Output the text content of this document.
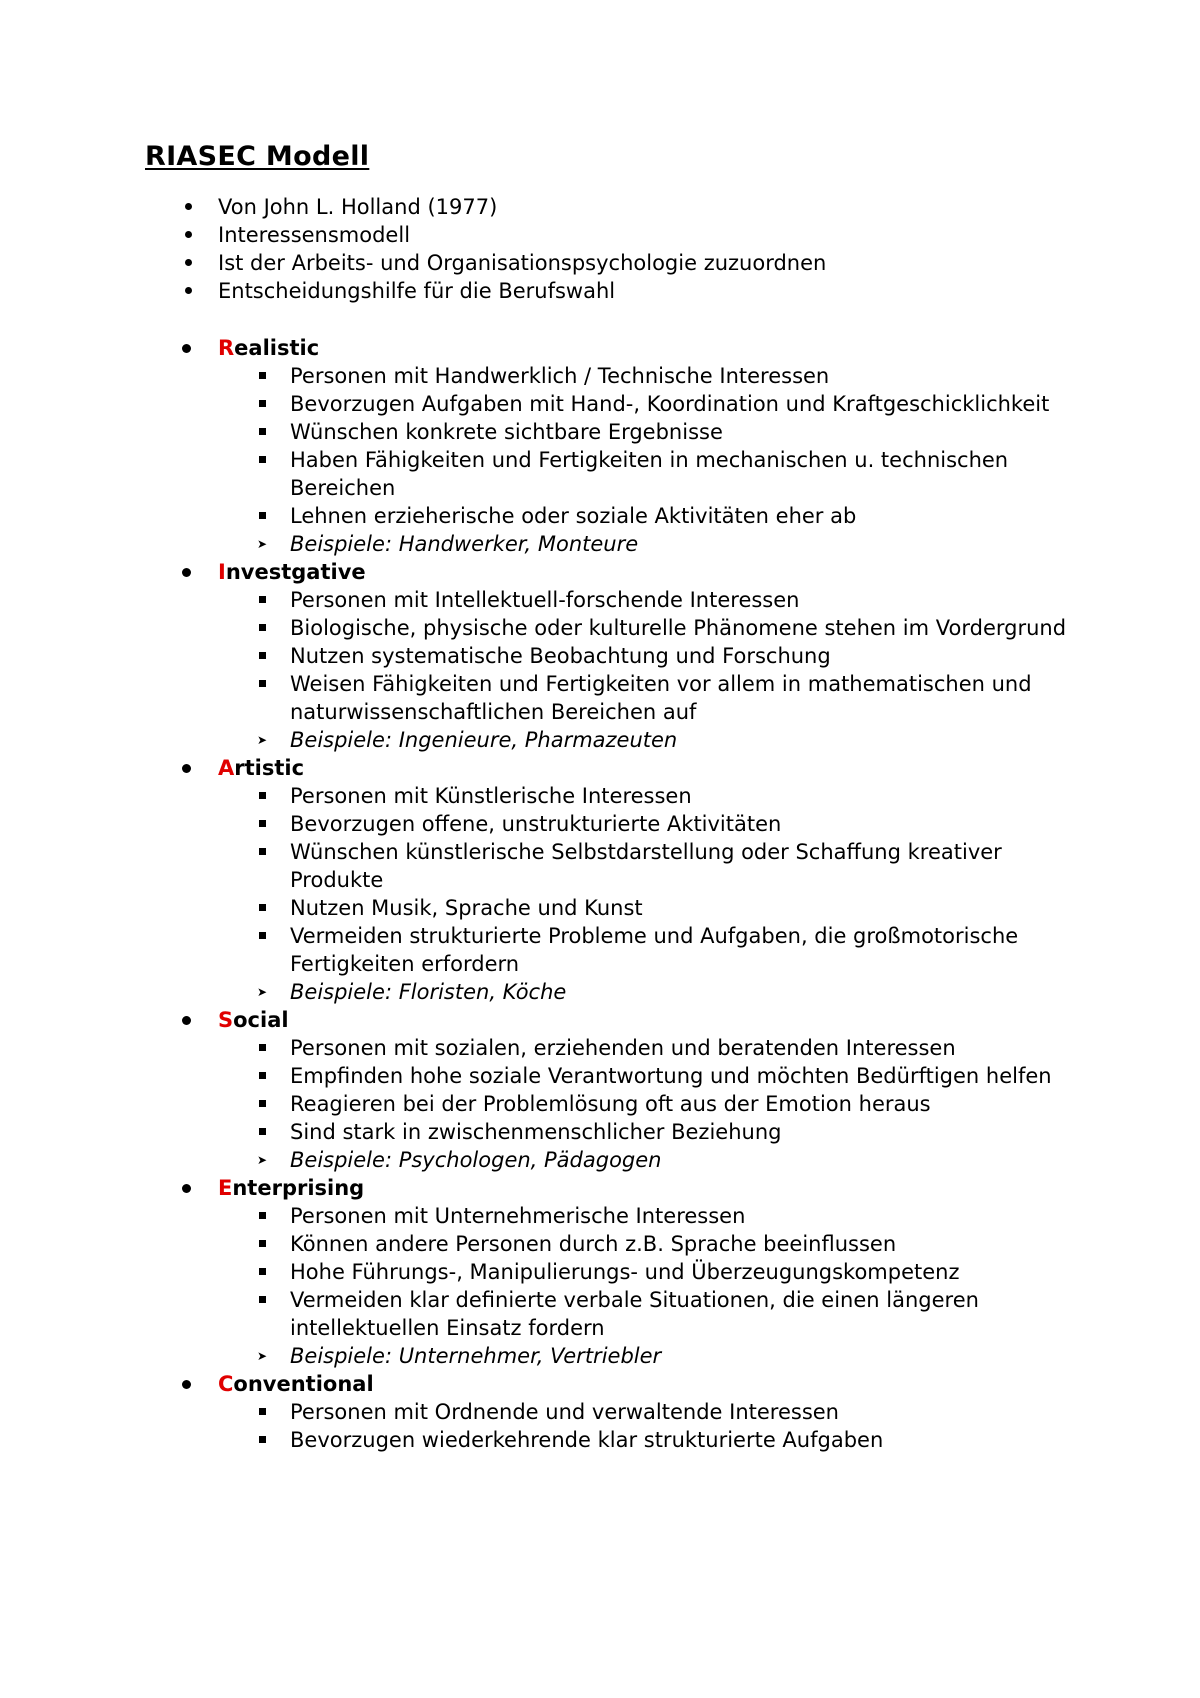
RIASEC Modell
Von John L. Holland (1977)
Interessensmodell
Ist der Arbeits- und Organisationspsychologie zuzuordnen
Entscheidungshilfe für die Berufswahl
Realistic
Personen mit Handwerklich / Technische Interessen
Bevorzugen Aufgaben mit Hand-, Koordination und Kraftgeschicklichkeit
Wünschen konkrete sichtbare Ergebnisse
Haben Fähigkeiten und Fertigkeiten in mechanischen u. technischen Bereichen
Lehnen erzieherische oder soziale Aktivitäten eher ab
➤ Beispiele: Handwerker, Monteure
Investgative
Personen mit Intellektuell-forschende Interessen
Biologische, physische oder kulturelle Phänomene stehen im Vordergrund
Nutzen systematische Beobachtung und Forschung
Weisen Fähigkeiten und Fertigkeiten vor allem in mathematischen und naturwissenschaftlichen Bereichen auf
➤ Beispiele: Ingenieure, Pharmazeuten
Artistic
Personen mit Künstlerische Interessen
Bevorzugen offene, unstrukturierte Aktivitäten
Wünschen künstlerische Selbstdarstellung oder Schaffung kreativer Produkte
Nutzen Musik, Sprache und Kunst
Vermeiden strukturierte Probleme und Aufgaben, die großmotorische Fertigkeiten erfordern
➤ Beispiele: Floristen, Köche
Social
Personen mit sozialen, erziehenden und beratenden Interessen
Empfinden hohe soziale Verantwortung und möchten Bedürftigen helfen
Reagieren bei der Problemlösung oft aus der Emotion heraus
Sind stark in zwischenmenschlicher Beziehung
➤ Beispiele: Psychologen, Pädagogen
Enterprising
Personen mit Unternehmerische Interessen
Können andere Personen durch z.B. Sprache beeinflussen
Hohe Führungs-, Manipulierungs- und Überzeugungskompetenz
Vermeiden klar definierte verbale Situationen, die einen längeren intellektuellen Einsatz fordern
➤ Beispiele: Unternehmer, Vertriebler
Conventional
Personen mit Ordnende und verwaltende Interessen
Bevorzugen wiederkehrende klar strukturierte Aufgaben
